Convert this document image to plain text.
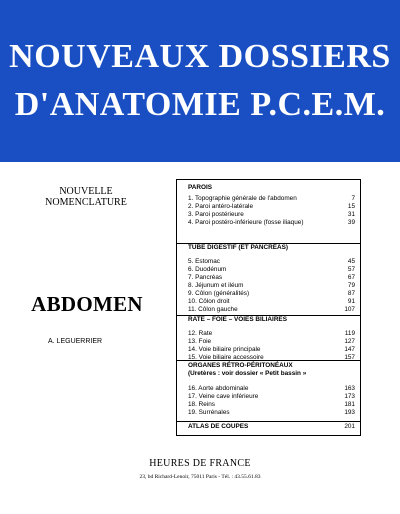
NOUVEAUX DOSSIERS
D'ANATOMIE P.C.E.M.
NOUVELLE
NOMENCLATURE
ABDOMEN
A. LEGUERRIER
PAROIS
1. Topographie générale de l'abdomen	7
2. Paroi antéro-latérale	15
3. Paroi postérieure	31
4. Paroi postéro-inférieure (fosse iliaque)	39
TUBE DIGESTIF (ET PANCRÉAS)
5. Estomac	45
6. Duodénum	57
7. Pancréas	67
8. Jéjunum et iléum	79
9. Côlon (généralités)	87
10. Côlon droit	91
11. Côlon gauche	107
RATE – FOIE – VOIES BILIAIRES
12. Rate	119
13. Foie	127
14. Voie biliaire principale	147
15. Voie biliaire accessoire	157
ORGANES RÉTRO-PÉRITONÉAUX
(Uretères : voir dossier « Petit bassin »
16. Aorte abdominale	163
17. Veine cave inférieure	173
18. Reins	181
19. Surrénales	193
ATLAS DE COUPES	201
HEURES DE FRANCE
23, bd Richard-Lenoir, 75011 Paris - Tél. : 43.55.61.83
